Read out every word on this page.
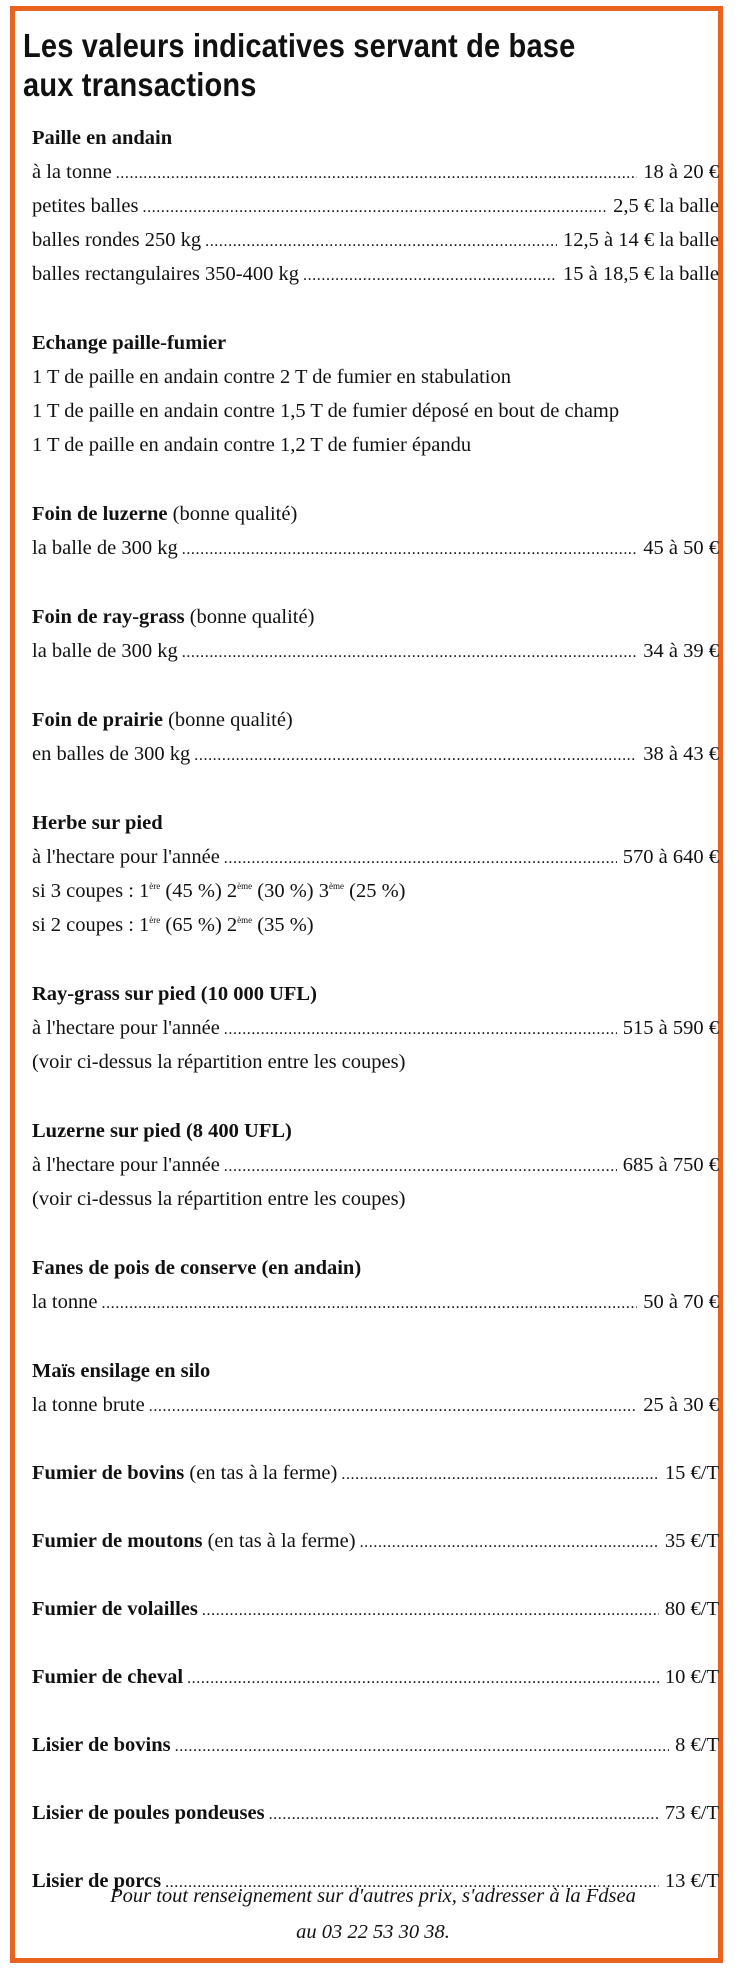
Les valeurs indicatives servant de base
aux transactions
Paille en andain
à la tonne .....	18 à 20 €
petites balles .....	2,5 € la balle
balles rondes 250 kg .....	12,5 à 14 € la balle
balles rectangulaires 350-400 kg .....	15 à 18,5 € la balle
Echange paille-fumier
1 T de paille en andain contre 2 T de fumier en stabulation
1 T de paille en andain contre 1,5 T de fumier déposé en bout de champ
1 T de paille en andain contre 1,2 T de fumier épandu
Foin de luzerne (bonne qualité)
la balle de 300 kg .....	45 à 50 €
Foin de ray-grass (bonne qualité)
la balle de 300 kg .....	34 à 39 €
Foin de prairie (bonne qualité)
en balles de 300 kg .....	38 à 43 €
Herbe sur pied
à l'hectare pour l'année .....	570 à 640 €
si 3 coupes : 1ère (45 %) 2ème (30 %) 3ème (25 %)
si 2 coupes : 1ère (65 %) 2ème (35 %)
Ray-grass sur pied (10 000 UFL)
à l'hectare pour l'année .....	515 à 590 €
(voir ci-dessus la répartition entre les coupes)
Luzerne sur pied (8 400 UFL)
à l'hectare pour l'année .....	685 à 750 €
(voir ci-dessus la répartition entre les coupes)
Fanes de pois de conserve (en andain)
la tonne .....	50 à 70 €
Maïs ensilage en silo
la tonne brute .....	25 à 30 €
Fumier de bovins (en tas à la ferme) .....	15 €/T
Fumier de moutons (en tas à la ferme) .....	35 €/T
Fumier de volailles .....	80 €/T
Fumier de cheval .....	10 €/T
Lisier de bovins .....	8 €/T
Lisier de poules pondeuses .....	73 €/T
Lisier de porcs .....	13 €/T
Pour tout renseignement sur d'autres prix, s'adresser à la Fdsea
au 03 22 53 30 38.
